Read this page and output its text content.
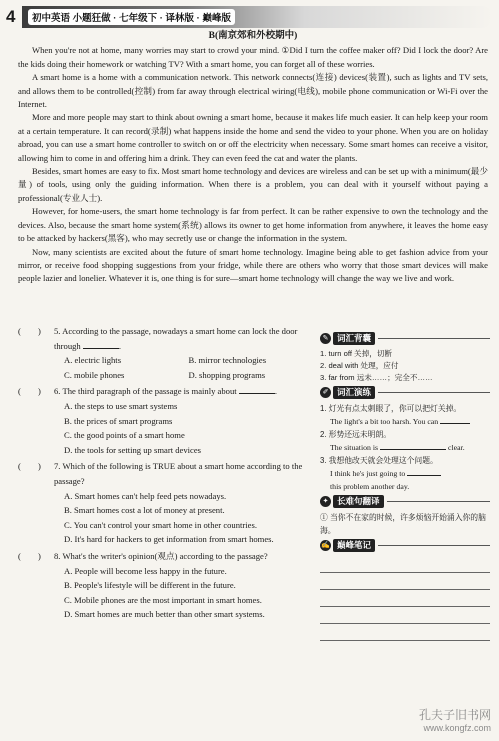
4	初中英语 小题狂做 · 七年级下 · 译林版 · 巅峰版
B(南京郊和外校期中)

When you're not at home, many worries may start to crowd your mind. ①Did I turn the coffee maker off? Did I lock the door? Are the kids doing their homework or watching TV? With a smart home, you can forget all of these worries.

A smart home is a home with a communication network. This network connects(连接) devices(装置), such as lights and TV sets, and allows them to be controlled(控制) from far away through electrical wiring(电线), mobile phone communication or Wi-Fi over the Internet.

More and more people may start to think about owning a smart home, because it makes life much easier. It can help keep your room at a certain temperature. It can record(录制) what happens inside the home and send the video to your phone. When you are on holiday abroad, you can use a smart home controller to switch on or off the electricity when necessary. Some smart homes can receive a visitor, allowing him to come in and offering him a drink. They can even feed the cat and water the plants.

Besides, smart homes are easy to fix. Most smart home technology and devices are wireless and can be set up with a minimum(最少量) of tools, using only the guiding information. When there is a problem, you can deal with it yourself without paying a professional(专业人士).

However, for home-users, the smart home technology is far from perfect. It can be rather expensive to own the technology and the devices. Also, because the smart home system(系统) allows its owner to get home information from anywhere, it leaves the home easy to be attacked by hackers(黑客), who may secretly use or change the information in the system.

Now, many scientists are excited about the future of smart home technology. Imagine being able to get fashion advice from your mirror, or receive food shopping suggestions from your fridge, while there are others who worry that those smart devices will make people lazier and lonelier. Whatever it is, one thing is for sure—smart home technology will change the way we live and work.

(　　)	5. According to the passage, nowadays a smart home can lock the door through	.
A. electric lights	B. mirror technologies
C. mobile phones	D. shopping programs
(　　)	6. The third paragraph of the passage is mainly about	.
A. the steps to use smart systems
B. the prices of smart programs
C. the good points of a smart home
D. the tools for setting up smart devices
(　　)	7. Which of the following is TRUE about a smart home according to the passage?
A. Smart homes can't help feed pets nowadays.
B. Smart homes cost a lot of money at present.
C. You can't control your smart home in other countries.
D. It's hard for hackers to get information from smart homes.
(　　)	8. What's the writer's opinion(观点) according to the passage?
A. People will become less happy in the future.
B. People's lifestyle will be different in the future.
C. Mobile phones are the most important in smart homes.
D. Smart homes are much better than other smart systems.
✎	词汇背囊
1. turn off 关掉，切断
2. deal with 处理，应付
3. far from 远未……；完全不……
✐	词汇演练
1. 灯光有点太刺眼了，你可以把灯关掉。
The light's a bit too harsh. You can
2. 形势还远未明朗。
The situation is	clear.
3. 我想他改天就会处理这个问题。
I think he's just going to
this problem another day.
✦	长难句翻译
① 当你不在家的时候，许多烦恼开始涌入你的脑海。
✍ 巅峰笔记
孔夫子旧书网
www.kongfz.com
